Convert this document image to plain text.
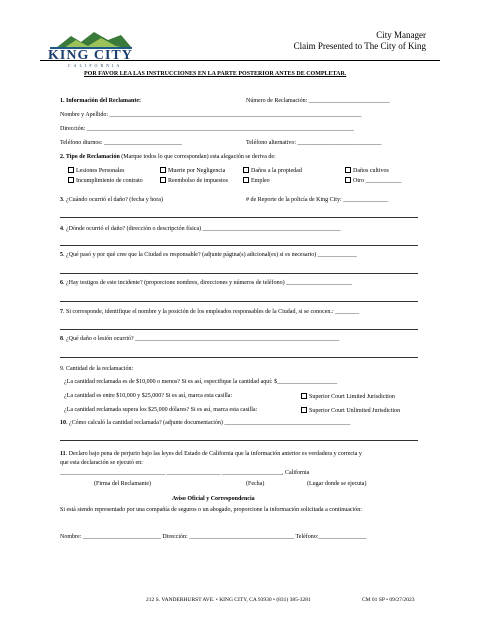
KING CITY
CALIFORNIA
City Manager
Claim Presented to The City of King
POR FAVOR LEA LAS INSTRUCCIONES EN LA PARTE POSTERIOR ANTES DE COMPLETAR.
1. Información del Reclamante:	Número de Reclamación: ___________________________
Nombre y Apellido: ____________________________________________________________________________________
Dirección: _________________________________________________________________________________________
Teléfono diurnos: __________________________	Teléfono alternativo: ____________________________
2. Tipo de Reclamación (Marque todos lo que correspondan) esta alegación se deriva de:
Lesiones Personales	Muerte por Negligencia	Daños a la propiedad	Daños cultivos
Incumplimiento de contrato	Reembolso de impuestos	Empleo	Otro ____________
3. ¿Cuándo ocurrió el daño? (fecha y hora)	# de Reporte de la policía de King City: _______________
4. ¿Dónde ocurrió el daño? (dirección o descripción física) ______________________________________________
5. ¿Qué pasó y por qué cree que la Ciudad es responsable? (adjunte página(s) adicional(es) si es necesario) _____________
6. ¿Hay testigos de este incidente? (proporcione nombres, direcciones y números de teléfono) ______________________
7. Si corresponde, identifique el nombre y la posición de los empleados responsables de la Ciudad, si se conocen.: ________
8. ¿Qué daño o lesión ocurrió? ____________________________________________________________________
9. Cantidad de la reclamación:
¿La cantidad reclamada es de $10,000 o menos? Si es así, especifique la cantidad aquí: $____________________
¿La cantidad es entre $10,000 y $25,000? Si es así, marca esta casilla:	Superior Court Limited Jurisdiction
¿La cantidad reclamada supera los $25,000 dólares? Si es así, marca esta casilla:	Superior Court Unlimited Jurisdiction
10. ¿Cómo calculó la cantidad reclamada? (adjunte documentación) __________________________________________
11. Declaro bajo pena de perjurio bajo las leyes del Estado de California que la información anterior es verdadera y correcta y
que esta declaración se ejecutó en:
___________________________________ __________________ ____________________, California
(Firma del Reclamante)	(Fecha)	(Lugar donde se ejecuta)
Aviso Oficial y Correspondencia
Si está siendo representado por una compañía de seguros o un abogado, proporcione la información solicitada a continuación:
Nombre: __________________________ Dirección: ___________________________________ Teléfono:________________
212 S. VANDERHURST AVE. • KING CITY, CA 93930 • (831) 385-3281	CM 01 SP • 09/27/2023
